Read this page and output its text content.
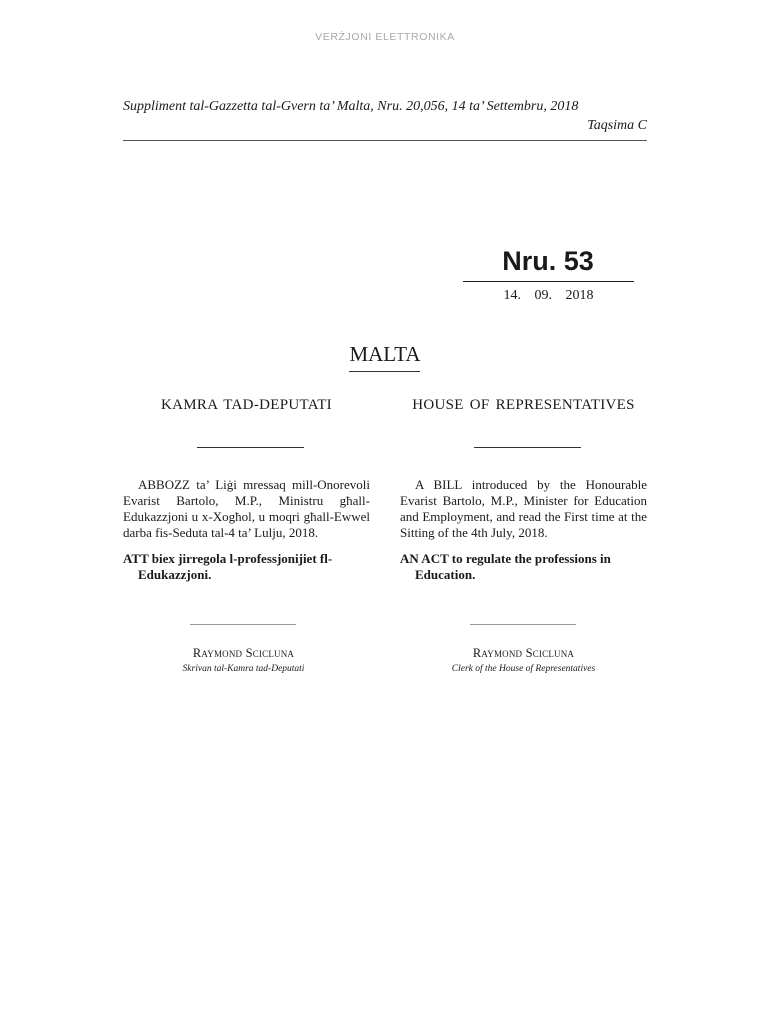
VERŻJONI ELETTRONIKA
Suppliment tal-Gazzetta tal-Gvern ta’ Malta, Nru. 20,056, 14 ta’ Settembru, 2018
Taqsima C
Nru. 53
14. 09. 2018
MALTA
KAMRA TAD-DEPUTATI
ABBOZZ ta’ Liġi mressaq mill-Onorevoli Evarist Bartolo, M.P., Ministru għall-Edukazzjoni u x-Xogħol, u moqri għall-Ewwel darba fis-Seduta tal-4 ta’ Lulju, 2018.
ATT biex jirregola l-professjonijiet fl-Edukazzjoni.
Raymond Scicluna
Skrivan tal-Kamra tad-Deputati
HOUSE OF REPRESENTATIVES
A BILL introduced by the Honourable Evarist Bartolo, M.P., Minister for Education and Employment, and read the First time at the Sitting of the 4th July, 2018.
AN ACT to regulate the professions in Education.
Raymond Scicluna
Clerk of the House of Representatives
